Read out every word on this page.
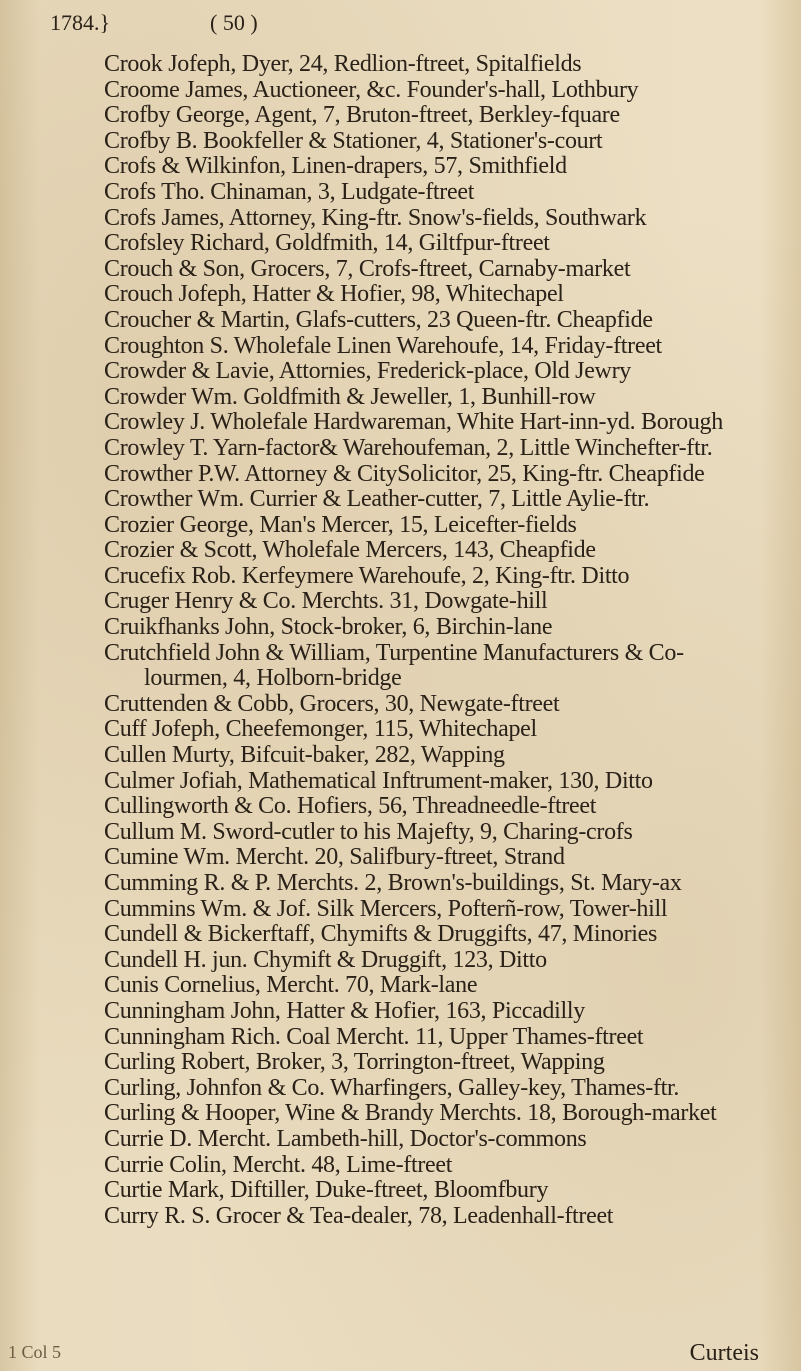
1784.}	( 50 )
Crook Jofeph, Dyer, 24, Redlion-ftreet, Spitalfields
Croome James, Auctioneer, &c. Founder's-hall, Lothbury
Crofby George, Agent, 7, Bruton-ftreet, Berkley-fquare
Crofby B. Bookfeller & Stationer, 4, Stationer's-court
Crofs & Wilkinfon, Linen-drapers, 57, Smithfield
Crofs Tho. Chinaman, 3, Ludgate-ftreet
Crofs James, Attorney, King-ftr. Snow's-fields, Southwark
Crofsley Richard, Goldfmith, 14, Giltfpur-ftreet
Crouch & Son, Grocers, 7, Crofs-ftreet, Carnaby-market
Crouch Jofeph, Hatter & Hofier, 98, Whitechapel
Croucher & Martin, Glafs-cutters, 23 Queen-ftr. Cheapfide
Croughton S. Wholefale Linen Warehoufe, 14, Friday-ftreet
Crowder & Lavie, Attornies, Frederick-place, Old Jewry
Crowder Wm. Goldfmith & Jeweller, 1, Bunhill-row
Crowley J. Wholefale Hardwareman, White Hart-inn-yd. Borough
Crowley T. Yarn-factor& Warehoufeman, 2, Little Winchefter-ftr.
Crowther P.W. Attorney & CitySolicitor, 25, King-ftr. Cheapfide
Crowther Wm. Currier & Leather-cutter, 7, Little Aylie-ftr.
Crozier George, Man's Mercer, 15, Leicefter-fields
Crozier & Scott, Wholefale Mercers, 143, Cheapfide
Crucefix Rob. Kerfeymere Warehoufe, 2, King-ftr. Ditto
Cruger Henry & Co. Merchts. 31, Dowgate-hill
Cruikfhanks John, Stock-broker, 6, Birchin-lane
Crutchfield John & William, Turpentine Manufacturers & Co-
lourmen, 4, Holborn-bridge
Cruttenden & Cobb, Grocers, 30, Newgate-ftreet
Cuff Jofeph, Cheefemonger, 115, Whitechapel
Cullen Murty, Bifcuit-baker, 282, Wapping
Culmer Jofiah, Mathematical Inftrument-maker, 130, Ditto
Cullingworth & Co. Hofiers, 56, Threadneedle-ftreet
Cullum M. Sword-cutler to his Majefty, 9, Charing-crofs
Cumine Wm. Mercht. 20, Salifbury-ftreet, Strand
Cumming R. & P. Merchts. 2, Brown's-buildings, St. Mary-ax
Cummins Wm. & Jof. Silk Mercers, Pofterñ-row, Tower-hill
Cundell & Bickerftaff, Chymifts & Druggifts, 47, Minories
Cundell H. jun. Chymift & Druggift, 123, Ditto
Cunis Cornelius, Mercht. 70, Mark-lane
Cunningham John, Hatter & Hofier, 163, Piccadilly
Cunningham Rich. Coal Mercht. 11, Upper Thames-ftreet
Curling Robert, Broker, 3, Torrington-ftreet, Wapping
Curling, Johnfon & Co. Wharfingers, Galley-key, Thames-ftr.
Curling & Hooper, Wine & Brandy Merchts. 18, Borough-market
Currie D. Mercht. Lambeth-hill, Doctor's-commons
Currie Colin, Mercht. 48, Lime-ftreet
Curtie Mark, Diftiller, Duke-ftreet, Bloomfbury
Curry R. S. Grocer & Tea-dealer, 78, Leadenhall-ftreet
Curteis
1 Col 5
